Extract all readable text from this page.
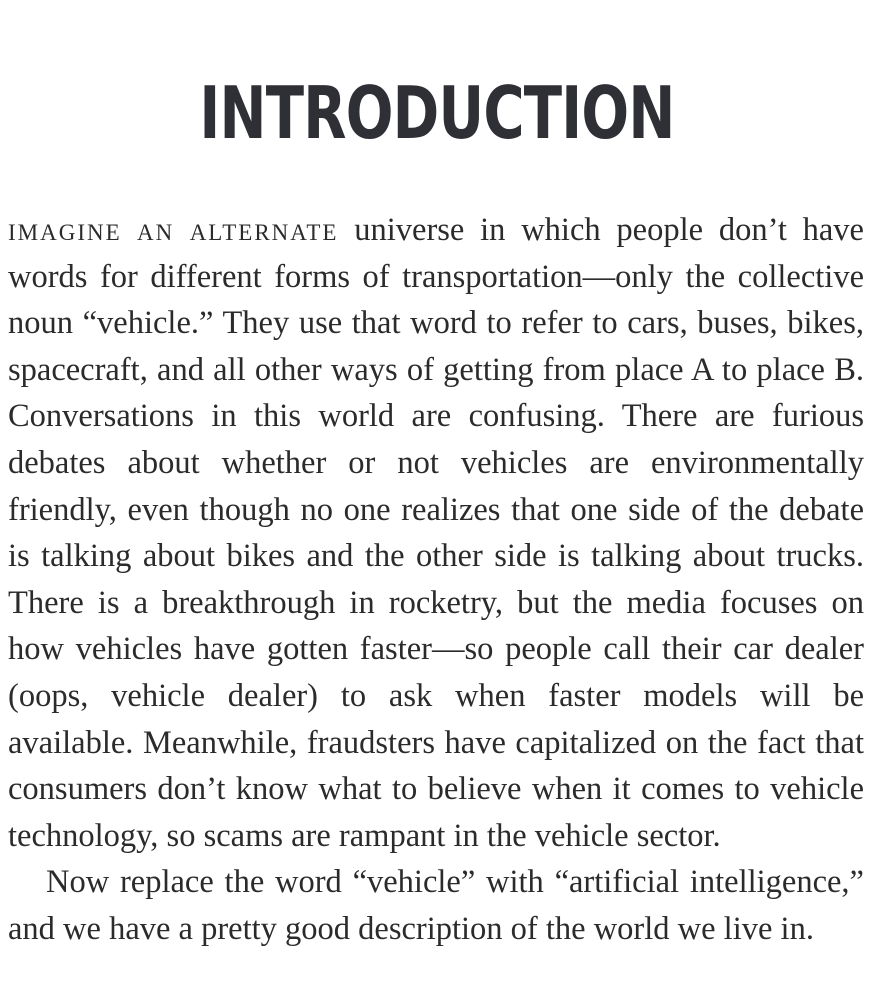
INTRODUCTION

imagine an alternate universe in which people don’t have words for different forms of transportation—only the collective noun “vehicle.” They use that word to refer to cars, buses, bikes, spacecraft, and all other ways of getting from place A to place B. Conversations in this world are confusing. There are furious debates about whether or not vehicles are environmentally friendly, even though no one realizes that one side of the debate is talking about bikes and the other side is talking about trucks. There is a breakthrough in rocketry, but the media focuses on how vehicles have gotten faster—so people call their car dealer (oops, vehicle dealer) to ask when faster models will be available. Meanwhile, fraudsters have capitalized on the fact that consumers don’t know what to believe when it comes to vehicle technology, so scams are rampant in the vehicle sector.

Now replace the word “vehicle” with “artificial intelligence,” and we have a pretty good description of the world we live in.
